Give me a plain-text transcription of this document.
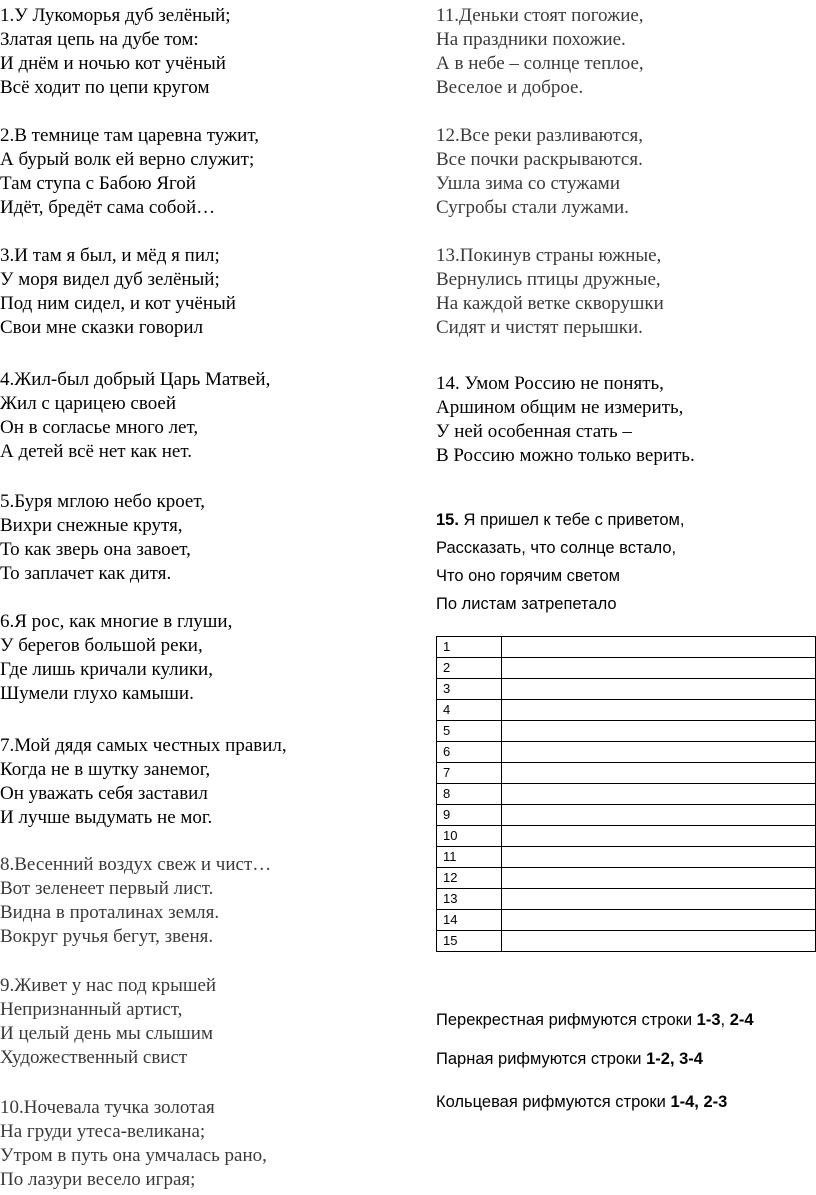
1.У Лукоморья дуб зелёный;
Златая цепь на дубе том:
И днём и ночью кот учёный
Всё ходит по цепи кругом
2.В темнице там царевна тужит,
А бурый волк ей верно служит;
Там ступа с Бабою Ягой
Идёт, бредёт сама собой…
3.И там я был, и мёд я пил;
У моря видел дуб зелёный;
Под ним сидел, и кот учёный
Свои мне сказки говорил
4.Жил-был добрый Царь Матвей,
Жил с царицею своей
Он в согласье много лет,
А детей всё нет как нет.
5.Буря мглою небо кроет,
Вихри снежные крутя,
То как зверь она завоет,
То заплачет как дитя.
6.Я рос, как многие в глуши,
У берегов большой реки,
Где лишь кричали кулики,
Шумели глухо камыши.
7.Мой дядя самых честных правил,
Когда не в шутку занемог,
Он уважать себя заставил
И лучше выдумать не мог.
8.Весенний воздух свеж и чист…
Вот зеленеет первый лист.
Видна в проталинах земля.
Вокруг ручья бегут, звеня.
9.Живет у нас под крышей
Непризнанный артист,
И целый день мы слышим
Художественный свист
10.Ночевала тучка золотая
На груди утеса-великана;
Утром в путь она умчалась рано,
По лазури весело играя;
11.Деньки стоят погожие,
На праздники похожие.
А в небе – солнце теплое,
Веселое и доброе.
12.Все реки разливаются,
Все почки раскрываются.
Ушла зима со стужами
Сугробы стали лужами.
13.Покинув страны южные,
Вернулись птицы дружные,
На каждой ветке скворушки
Сидят и чистят перышки.
14. Умом Россию не понять,
Аршином общим не измерить,
У ней особенная стать –
В Россию можно только верить.
15. Я пришел к тебе с приветом,
Рассказать, что солнце встало,
Что оно горячим светом
По листам затрепетало
1	
2	
3	
4	
5	
6	
7	
8	
9	
10	
11	
12	
13	
14	
15	
Перекрестная рифмуются строки 1-3, 2-4
Парная рифмуются строки 1-2, 3-4
Кольцевая рифмуются строки 1-4, 2-3
